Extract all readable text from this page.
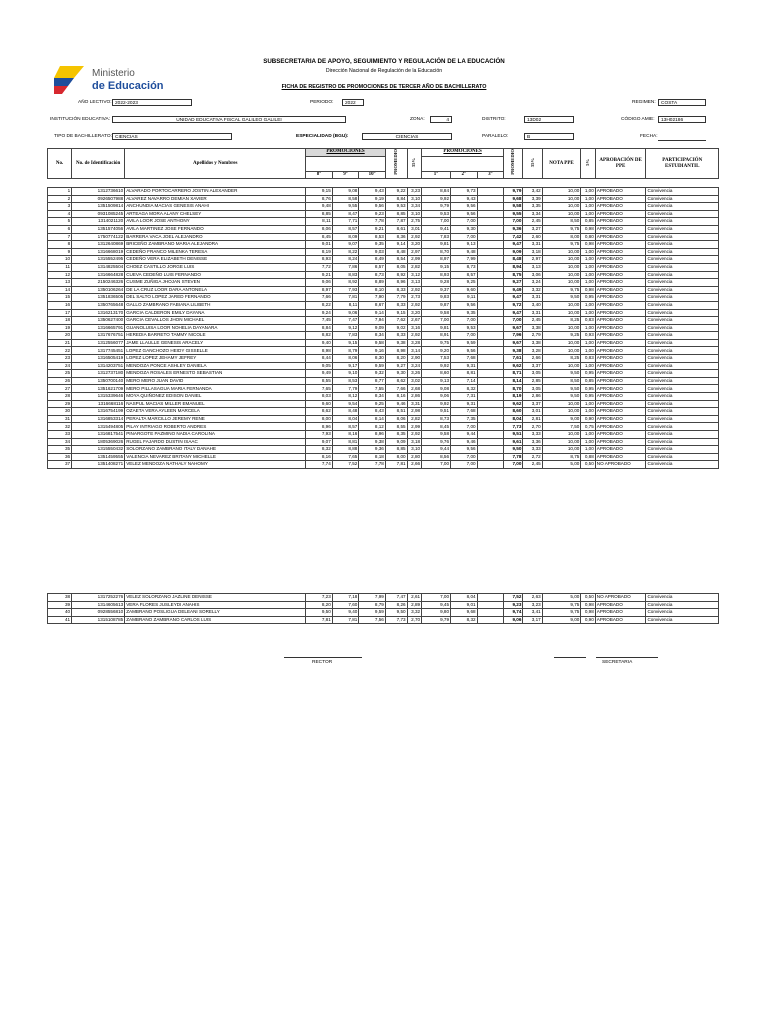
Ministerio
de Educación
SUBSECRETARIA DE APOYO, SEGUIMIENTO Y REGULACIÓN DE LA EDUCACIÓN
Dirección Nacional de Regulación de la Educación
FICHA DE REGISTRO DE PROMOCIONES DE TERCER AÑO DE BACHILLERATO
AÑO LECTIVO: 2022-2023	PERIODO:	2022	REGIMEN:	COSTA
INSTITUCIÓN EDUCATIVA:	UNIDAD EDUCATIVA FISCAL GALILEO GALILEI	ZONA:	4	DISTRITO:	13D02	CÓDIGO AMIE:	13H02186
TIPO DE BACHILLERATO: CIENCIAS	ESPECIALIDAD (BGU):	CIENCIAS	PARALELO:	B	FECHA:
No.	No. de Identificación	Apellidos y Nombres	PROMOCIONES			PROMEDIO	35%	PROMOCIONES			PROMEDIO	35%	NOTA PPE	5%	APROBACIÓN DE PPE	PARTICIPACIÓN ESTUDIANTIL

			8°	9°	10°			1°	2°	3°						
1	1312736610	ALVARADO PORTOCARRERO JOSTIN ALEXANDER	9,15	9,08	9,43	9,22	3,23	8,84	9,73		9,79	3,42	10,00	1,00	APROBADO	Convivencia
2	0926507988	ALVAREZ NAVARRO DEMIAN XAVIER	8,76	8,58	9,19	8,84	3,10	9,92	9,43		9,68	3,39	10,00	1,00	APROBADO	Convivencia
3	1351509814	ANCHUNDIA MACIAS GENESIS ANAHI	9,48	9,55	9,56	9,53	3,34	9,79	9,56		9,58	3,35	10,00	1,00	APROBADO	Convivencia
4	0931085245	ARTEAGA MORA ALANY CHELSEY	8,85	8,47	9,23	8,85	3,10	9,53	9,56		9,55	3,34	10,00	1,00	APROBADO	Convivencia
5	1314021120	AVILA LOOR JOSE ANTHONY	8,11	7,71	7,78	7,87	2,75	7,00	7,00		7,00	2,45	8,50	0,85	APROBADO	Convivencia
6	1351574056	AVILA MARTINEZ JOSE FERNANDO	8,06	8,57	9,21	8,61	3,01	9,41	9,30		9,36	3,27	9,75	0,98	APROBADO	Convivencia
7	1750774122	BARRERA VACA JOEL ALEJANDRO	8,45	8,09	8,53	8,36	2,92	7,83	7,00		7,42	2,60	8,00	0,80	APROBADO	Convivencia
8	1312640869	BRICEÑO ZAMBRANO MARIA ALEJANDRA	9,01	9,07	9,35	9,14	3,20	9,81	9,13		9,47	3,31	9,75	0,98	APROBADO	Convivencia
9	1316668019	CEDEÑO FRANCO MILENKA TERESA	8,19	8,22	9,03	8,48	2,97	8,70	9,48		9,09	3,18	10,00	1,00	APROBADO	Convivencia
10	1315552495	CEDEÑO VERA ELIZABETH DENISSE	8,93	8,24	8,49	8,54	2,99	8,97	7,99		8,48	2,97	10,00	1,00	APROBADO	Convivencia
11	1314825504	CHOEZ CASTILLO JORGE LUIS	7,72	7,86	8,57	8,05	2,82	9,15	8,73		8,94	3,13	10,00	1,00	APROBADO	Convivencia
12	1316664828	CUEVA CEDEÑO LUIS FERNANDO	9,21	8,83	8,73	8,92	3,12	8,93	8,57		8,75	3,06	10,00	1,00	APROBADO	Convivencia
13	2150246326	CUSME ZUÑIGA JHOJAN STEVEN	9,06	8,92	8,89	8,96	3,13	9,28	9,25		9,27	3,24	10,00	1,00	APROBADO	Convivencia
14	1350106264	DE LA CRUZ LOOR DARA ANTONELA	8,97	7,93	8,10	8,33	2,92	9,37	9,60		9,49	3,32	9,75	0,98	APROBADO	Convivencia
15	1351836505	DEL SALTO LOPEZ JARED FERNANDO	7,66	7,81	7,90	7,79	2,73	9,83	9,11		9,47	3,31	9,50	0,95	APROBADO	Convivencia
16	1350765648	GALLO ZAMBRANO FABIANA LILIBETH	8,22	8,11	8,67	8,33	2,92	9,87	9,56		9,72	3,40	10,00	1,00	APROBADO	Convivencia
17	1316213170	GARCIA CALDERON EMILY DAYANA	9,24	9,06	9,14	9,15	3,20	9,58	9,35		9,47	3,31	10,00	1,00	APROBADO	Convivencia
18	1350627400	GARCIA CEVALLOS JHON MICHAEL	7,45	7,47	7,94	7,62	2,67	7,00	7,00		7,00	2,45	8,25	0,83	APROBADO	Convivencia
19	1316665791	GUANOLUISA LOOR NOHELIA DAYANARA	8,84	9,12	9,09	9,02	3,16	9,81	9,53		9,67	3,38	10,00	1,00	APROBADO	Convivencia
20	1317676751	HEREDIA BARRETO TAMMY NICOLE	8,82	7,83	8,34	8,33	2,92	8,91	7,00		7,96	2,79	9,25	0,93	APROBADO	Convivencia
21	1312556077	JAME LLAULLE GENESIS ARACELY	9,40	9,15	9,58	9,38	3,28	9,75	9,59		9,67	3,38	10,00	1,00	APROBADO	Convivencia
22	1317745451	LOPEZ GANCHOZO HEIDY GISSELLE	8,98	8,79	9,16	8,98	3,14	9,20	9,56		9,38	3,28	10,00	1,00	APROBADO	Convivencia
23	1316505419	LOPEZ LOPEZ JEHAMY JEFREY	8,44	8,06	8,30	8,20	2,90	7,53	7,68		7,61	2,66	8,25	0,83	APROBADO	Convivencia
24	1314203751	MENDOZA PONCE ASHLEY DANIELA	9,05	9,17	9,59	9,27	3,24	9,92	9,31		9,62	3,37	10,00	1,00	APROBADO	Convivencia
25	1312737180	MENDOZA ROSALES ERNESTO SEBASTIAN	9,49	9,10	9,32	9,30	3,26	8,60	8,81		8,71	3,05	9,50	0,95	APROBADO	Convivencia
26	1350700140	MERO MERO JUAN DAVID	8,55	8,53	8,77	8,62	3,02	9,13	7,14		8,14	2,85	8,50	0,85	APROBADO	Convivencia
27	1351621709	MERO PILLASAGUA MARIA FERNANDA	7,65	7,79	7,55	7,66	2,68	9,08	8,32		8,70	3,05	9,50	0,95	APROBADO	Convivencia
28	1315339646	MOYA QUIÑONEZ EDISON DANIEL	8,03	8,12	8,34	8,16	2,86	9,06	7,31		8,19	2,86	9,50	0,95	APROBADO	Convivencia
29	1316668116	NASPUL MACIAS MILLER EMANUEL	9,60	9,54	9,25	9,46	3,31	9,92	9,31		9,62	3,37	10,00	1,00	APROBADO	Convivencia
30	1316754199	OZAETA VERA AYLEEN MARCELA	8,62	8,48	8,43	8,51	2,98	9,51	7,68		8,60	3,01	10,00	1,00	APROBADO	Convivencia
31	1316853314	PERALTA MARCILLO JEREMY RENE	8,00	8,04	8,14	8,06	2,82	8,73	7,35		8,04	2,81	9,00	0,90	APROBADO	Convivencia
32	1315494805	PILAY INTRIAGO ROBERTO ANDRES	8,96	8,57	8,12	8,55	2,99	8,45	7,00		7,73	2,70	7,50	0,75	APROBADO	Convivencia
33	1316817541	PINARGOTE PAZMINO NADIA CAROLINA	7,93	8,16	8,96	8,35	2,92	9,58	9,44		9,51	3,33	10,00	1,00	APROBADO	Convivencia
34	1805369026	RUGEL FAJARDO DUSTIN ISAAC	9,07	8,81	9,38	9,09	3,18	9,76	9,46		9,61	3,36	10,00	1,00	APROBADO	Convivencia
35	1315550432	SOLORZANO ZAMBRANO ITALY DANAHE	8,32	8,88	9,36	8,85	3,10	9,44	9,56		9,50	3,33	10,00	1,00	APROBADO	Convivencia
36	1351459555	VALENCIA NEVAREZ BRITANY MICHELLE	8,16	7,65	8,18	8,00	2,80	8,56	7,00		7,78	2,72	8,75	0,88	APROBADO	Convivencia
37	1351408271	VELEZ MENDOZA NATHALY NAHOMY	7,74	7,52	7,78	7,81	2,66	7,00	7,00		7,00	2,45	5,00	0,50	NO APROBADO	Convivencia
38	1317252276	VELEZ SOLORZANO JAZLINE DENISSE	7,23	7,18	7,99	7,47	2,61	7,00	8,04		7,52	2,63	5,00	0,50	NO APROBADO	Convivencia
39	1314605613	VERA FLORES JUSLEYDI ANAHIS	8,20	7,60	8,79	8,26	2,89	9,45	9,01		9,23	3,23	9,75	0,98	APROBADO	Convivencia
40	0928556810	ZAMBRANO POSLIGUA DELEANI SORELLY	9,50	9,40	9,59	9,50	3,32	9,80	9,68		9,74	3,41	9,75	0,98	APROBADO	Convivencia
41	1315108785	ZAMBRANO ZAMBRANO CARLOS LUIS	7,81	7,81	7,56	7,73	2,70	9,79	8,32		9,06	3,17	9,00	0,90	APROBADO	Convivencia
RECTOR	SECRETARIA
